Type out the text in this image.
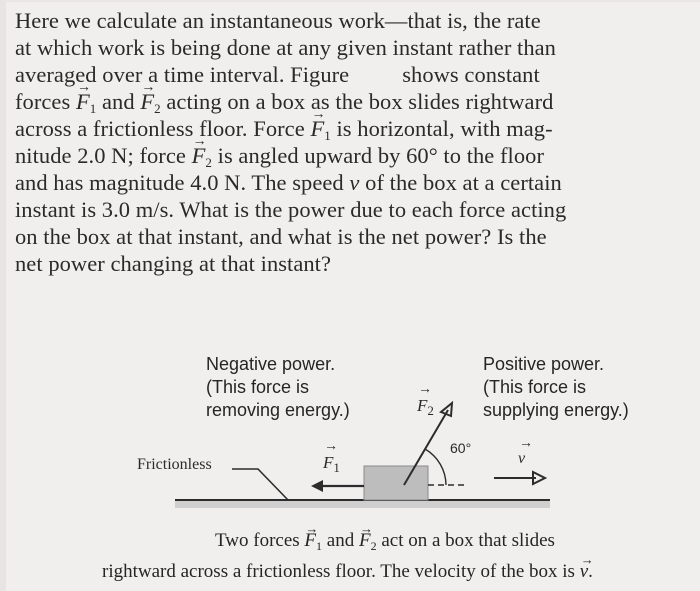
Here we calculate an instantaneous work—that is, the rate
at which work is being done at any given instant rather than
averaged over a time interval. Figure shows constant
forces → $F_1$ and → $F_2$ acting on a box as the box slides rightward
across a frictionless floor. Force → $F_1$ is horizontal, with mag-
nitude 2.0 N; force → $F_2$ is angled upward by 60° to the floor
and has magnitude 4.0 N. The speed v of the box at a certain
instant is 3.0 m/s. What is the power due to each force acting
on the box at that instant, and what is the net power? Is the
net power changing at that instant?
Negative power.
(This force is
removing energy.)
Positive power.
(This force is
supplying energy.)
Frictionless	→ $F_1$
→ $F_2$
60°
→ v
Two forces → $F_1$ and → $F_2$ act on a box that slides
rightward across a frictionless floor. The velocity of the box is → v.
